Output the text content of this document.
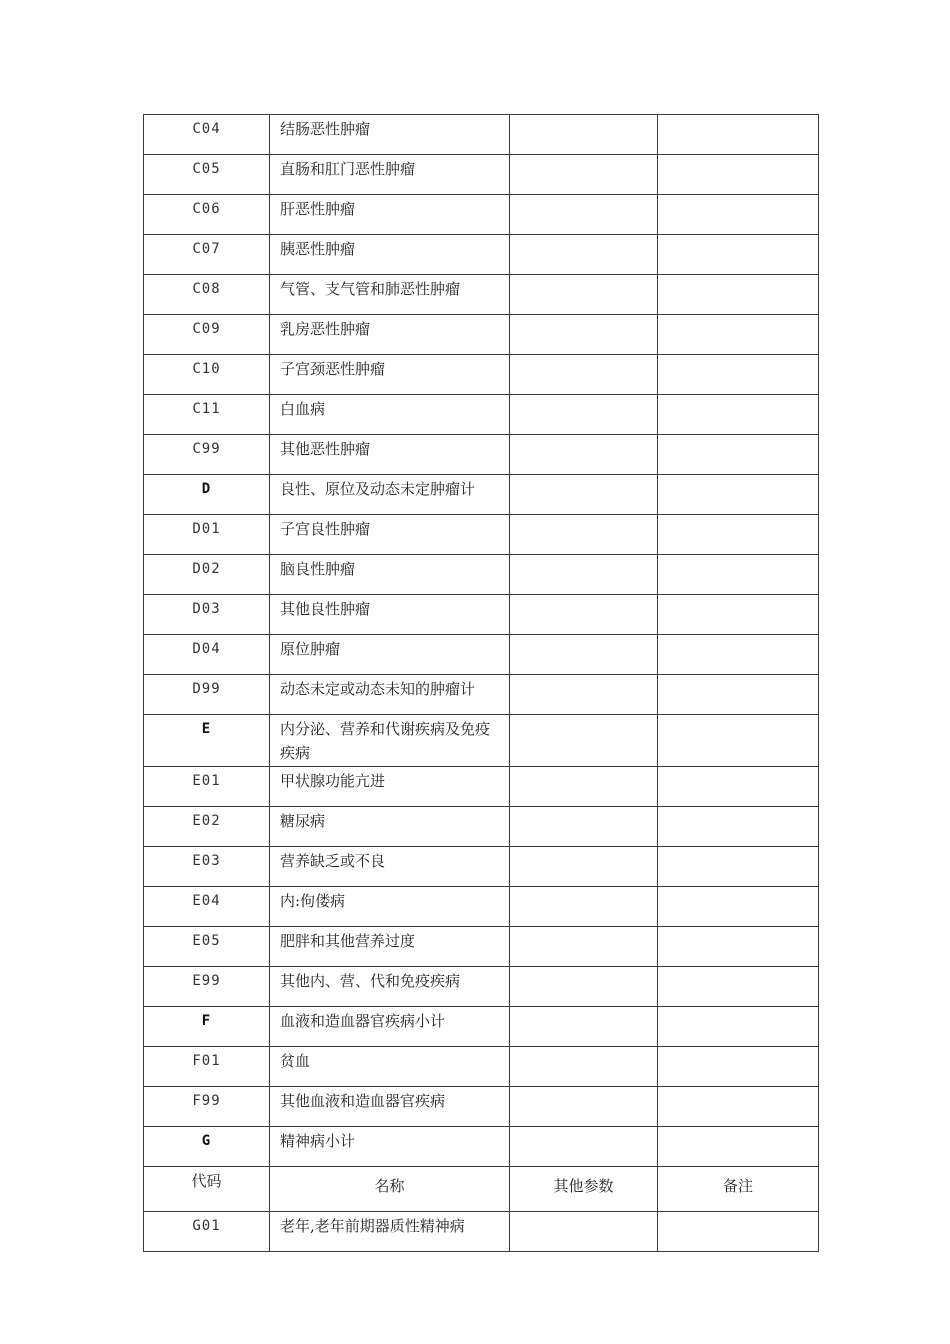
C04	结肠恶性肿瘤		
C05	直肠和肛门恶性肿瘤		
C06	肝恶性肿瘤		
C07	胰恶性肿瘤		
C08	气管、支气管和肺恶性肿瘤		
C09	乳房恶性肿瘤		
C10	子宫颈恶性肿瘤		
C11	白血病		
C99	其他恶性肿瘤		
D	良性、原位及动态未定肿瘤计		
D01	子宫良性肿瘤		
D02	脑良性肿瘤		
D03	其他良性肿瘤		
D04	原位肿瘤		
D99	动态未定或动态未知的肿瘤计		
E	内分泌、营养和代谢疾病及免疫疾病		
E01	甲状腺功能亢进		
E02	糖尿病		
E03	营养缺乏或不良		
E04	内:佝偻病		
E05	肥胖和其他营养过度		
E99	其他内、营、代和免疫疾病		
F	血液和造血器官疾病小计		
F01	贫血		
F99	其他血液和造血器官疾病		
G	精神病小计		
代码	名称	其他参数	备注
G01	老年,老年前期器质性精神病		
